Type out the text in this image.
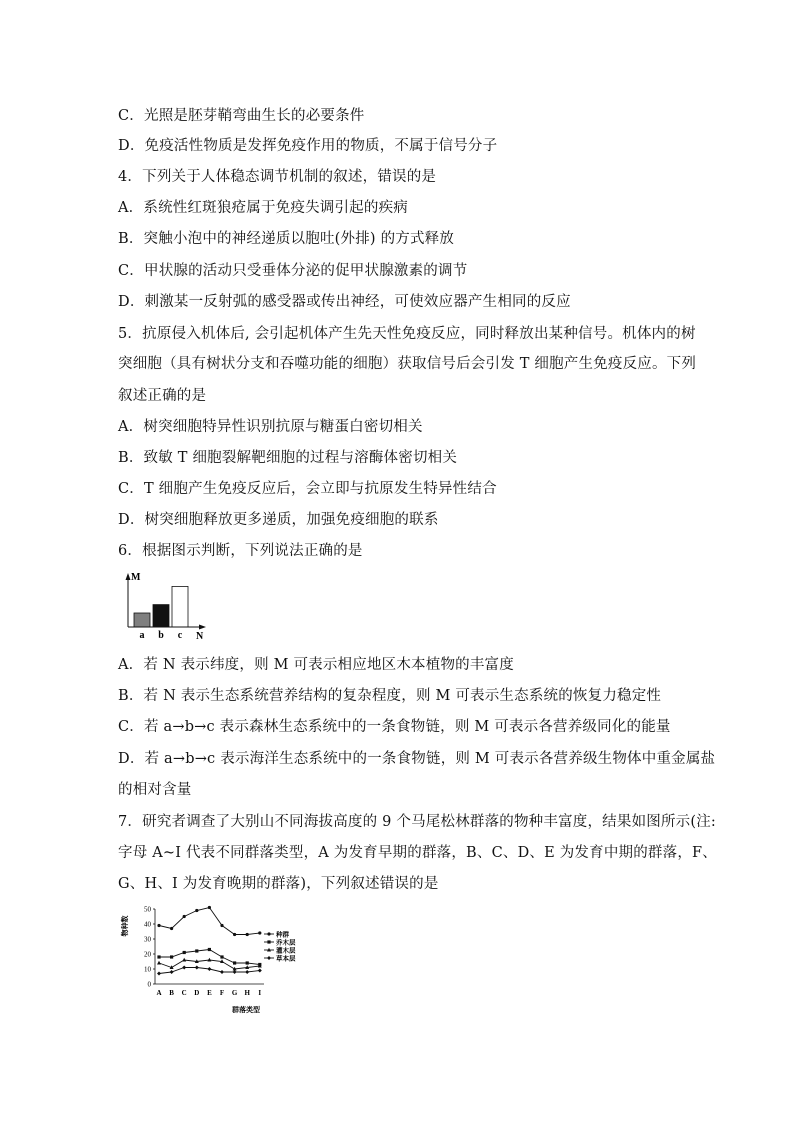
C．光照是胚芽鞘弯曲生长的必要条件
D．免疫活性物质是发挥免疫作用的物质，不属于信号分子
4．下列关于人体稳态调节机制的叙述，错误的是
A．系统性红斑狼疮属于免疫失调引起的疾病
B．突触小泡中的神经递质以胞吐(外排) 的方式释放
C．甲状腺的活动只受垂体分泌的促甲状腺激素的调节
D．刺激某一反射弧的感受器或传出神经，可使效应器产生相同的反应
5．抗原侵入机体后, 会引起机体产生先天性免疫反应，同时释放出某种信号。机体内的树
突细胞（具有树状分支和吞噬功能的细胞）获取信号后会引发 T 细胞产生免疫反应。下列
叙述正确的是
A．树突细胞特异性识别抗原与糖蛋白密切相关
B．致敏 T 细胞裂解靶细胞的过程与溶酶体密切相关
C．T 细胞产生免疫反应后，会立即与抗原发生特异性结合
D．树突细胞释放更多递质，加强免疫细胞的联系
6．根据图示判断，下列说法正确的是
A．若 N 表示纬度，则 M 可表示相应地区木本植物的丰富度
B．若 N 表示生态系统营养结构的复杂程度，则 M 可表示生态系统的恢复力稳定性
C．若 a→b→c 表示森林生态系统中的一条食物链，则 M 可表示各营养级同化的能量
D．若 a→b→c 表示海洋生态系统中的一条食物链，则 M 可表示各营养级生物体中重金属盐
的相对含量
7．研究者调查了大别山不同海拔高度的 9 个马尾松林群落的物种丰富度，结果如图所示(注:
字母 A~I 代表不同群落类型，A 为发育早期的群落，B、C、D、E 为发育中期的群落，F、
G、H、I 为发育晚期的群落)，下列叙述错误的是
M
N
a b c
0
10
20
30
40
50
A B C D E F G H I
物种数
群落类型
种群
乔木层
灌木层
草本层
